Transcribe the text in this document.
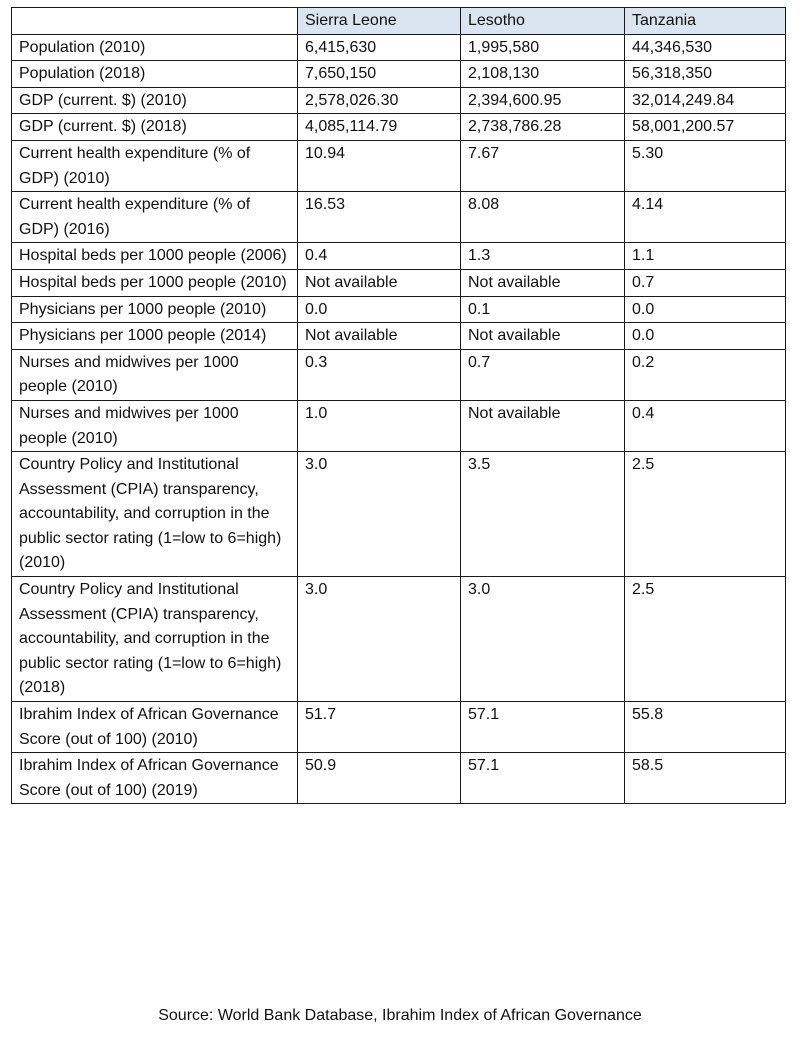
	Sierra Leone	Lesotho	Tanzania
Population (2010)	6,415,630	1,995,580	44,346,530
Population (2018)	7,650,150	2,108,130	56,318,350
GDP (current. $) (2010)	2,578,026.30	2,394,600.95	32,014,249.84
GDP (current. $) (2018)	4,085,114.79	2,738,786.28	58,001,200.57
Current health expenditure (% of GDP) (2010)	10.94	7.67	5.30
Current health expenditure (% of GDP) (2016)	16.53	8.08	4.14
Hospital beds per 1000 people (2006)	0.4	1.3	1.1
Hospital beds per 1000 people (2010)	Not available	Not available	0.7
Physicians per 1000 people (2010)	0.0	0.1	0.0
Physicians per 1000 people (2014)	Not available	Not available	0.0
Nurses and midwives per 1000 people (2010)	0.3	0.7	0.2
Nurses and midwives per 1000 people (2010)	1.0	Not available	0.4
Country Policy and Institutional Assessment (CPIA) transparency, accountability, and corruption in the public sector rating (1=low to 6=high) (2010)	3.0	3.5	2.5
Country Policy and Institutional Assessment (CPIA) transparency, accountability, and corruption in the public sector rating (1=low to 6=high) (2018)	3.0	3.0	2.5
Ibrahim Index of African Governance Score (out of 100) (2010)	51.7	57.1	55.8
Ibrahim Index of African Governance Score (out of 100) (2019)	50.9	57.1	58.5
Source: World Bank Database, Ibrahim Index of African Governance
